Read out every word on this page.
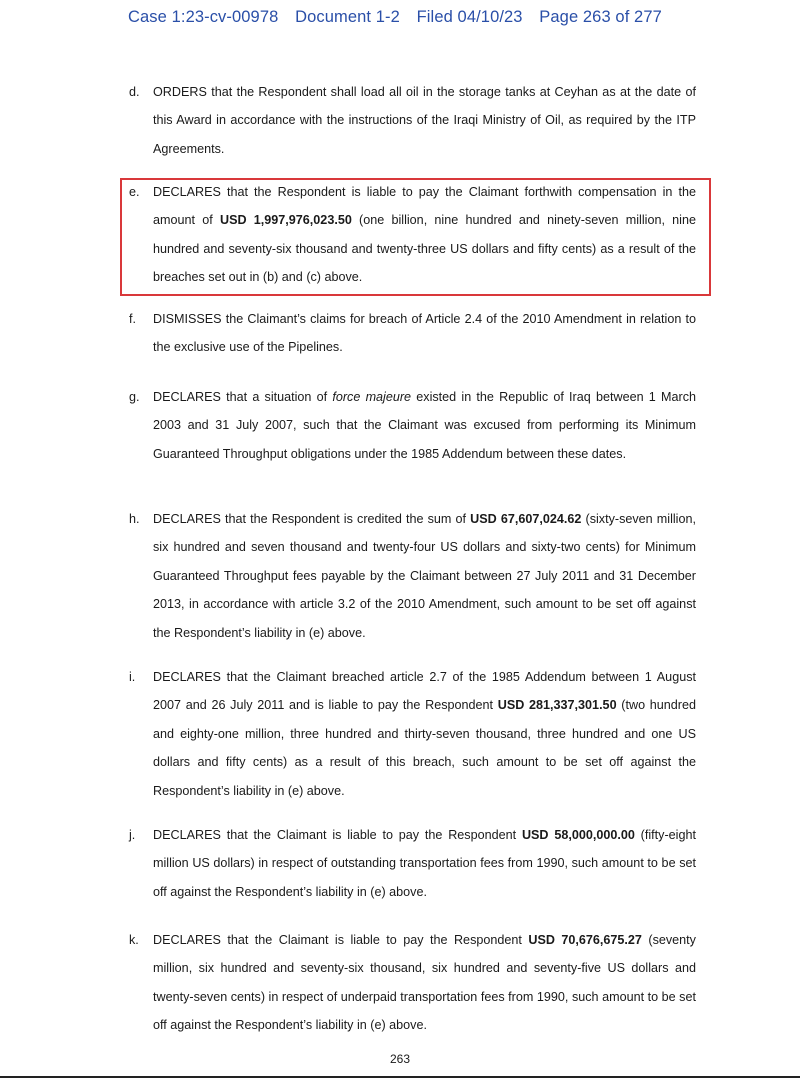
Case 1:23-cv-00978 Document 1-2 Filed 04/10/23 Page 263 of 277
d. ORDERS that the Respondent shall load all oil in the storage tanks at Ceyhan as at the date of this Award in accordance with the instructions of the Iraqi Ministry of Oil, as required by the ITP Agreements.
e. DECLARES that the Respondent is liable to pay the Claimant forthwith compensation in the amount of USD 1,997,976,023.50 (one billion, nine hundred and ninety-seven million, nine hundred and seventy-six thousand and twenty-three US dollars and fifty cents) as a result of the breaches set out in (b) and (c) above.
f. DISMISSES the Claimant’s claims for breach of Article 2.4 of the 2010 Amendment in relation to the exclusive use of the Pipelines.
g. DECLARES that a situation of force majeure existed in the Republic of Iraq between 1 March 2003 and 31 July 2007, such that the Claimant was excused from performing its Minimum Guaranteed Throughput obligations under the 1985 Addendum between these dates.
h. DECLARES that the Respondent is credited the sum of USD 67,607,024.62 (sixty-seven million, six hundred and seven thousand and twenty-four US dollars and sixty-two cents) for Minimum Guaranteed Throughput fees payable by the Claimant between 27 July 2011 and 31 December 2013, in accordance with article 3.2 of the 2010 Amendment, such amount to be set off against the Respondent’s liability in (e) above.
i. DECLARES that the Claimant breached article 2.7 of the 1985 Addendum between 1 August 2007 and 26 July 2011 and is liable to pay the Respondent USD 281,337,301.50 (two hundred and eighty-one million, three hundred and thirty-seven thousand, three hundred and one US dollars and fifty cents) as a result of this breach, such amount to be set off against the Respondent’s liability in (e) above.
j. DECLARES that the Claimant is liable to pay the Respondent USD 58,000,000.00 (fifty-eight million US dollars) in respect of outstanding transportation fees from 1990, such amount to be set off against the Respondent’s liability in (e) above.
k. DECLARES that the Claimant is liable to pay the Respondent USD 70,676,675.27 (seventy million, six hundred and seventy-six thousand, six hundred and seventy-five US dollars and twenty-seven cents) in respect of underpaid transportation fees from 1990, such amount to be set off against the Respondent’s liability in (e) above.
263
